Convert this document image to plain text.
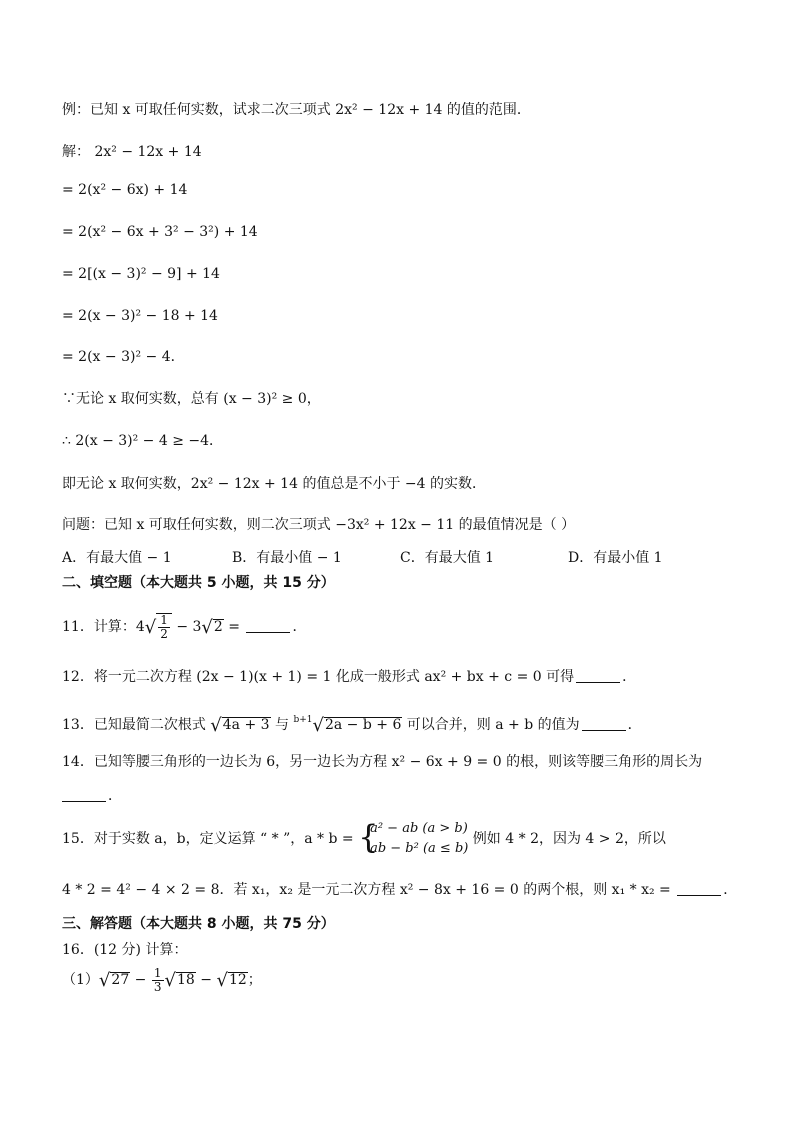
例：已知 x 可取任何实数，试求二次三项式 2x² − 12x + 14 的值的范围．
解： 2x² − 12x + 14
= 2(x² − 6x) + 14
= 2(x² − 6x + 3² − 3²) + 14
= 2[(x − 3)² − 9] + 14
= 2(x − 3)² − 18 + 14
= 2(x − 3)² − 4．
∵无论 x 取何实数，总有 (x − 3)² ≥ 0，
∴ 2(x − 3)² − 4 ≥ −4．
即无论 x 取何实数，2x² − 12x + 14 的值总是不小于 −4 的实数．
问题：已知 x 可取任何实数，则二次三项式 −3x² + 12x − 11 的最值情况是（ ）
A．有最大值 − 1	B．有最小值 − 1	C．有最大值 1	D．有最小值 1
二、填空题（本大题共 5 小题，共 15 分）
11．计算：$4√ \frac{1}{2} - 3√2$ =	．
12．将一元二次方程 (2x − 1)(x + 1) = 1 化成一般形式 ax² + bx + c = 0 可得	．
13．已知最简二次根式 √4a + 3 与 $^{b+1}$√2a − b + 6 可以合并，则 a + b 的值为	．
14．已知等腰三角形的一边长为 6，另一边长为方程 x² − 6x + 9 = 0 的根，则该等腰三角形的周长为
．
15．对于实数 a，b，定义运算 “ * ”，a * b = {
a² − ab (a > b)
ab − b² (a ≤ b)
例如 4 * 2，因为 4 > 2，所以
4 * 2 = 4² − 4 × 2 = 8．若 x₁，x₂ 是一元二次方程 x² − 8x + 16 = 0 的两个根，则 x₁ * x₂ =	．
三、解答题（本大题共 8 小题，共 75 分）
16．(12 分) 计算：
$(1)√27 - \frac{1}{3} √18 - √12$；
